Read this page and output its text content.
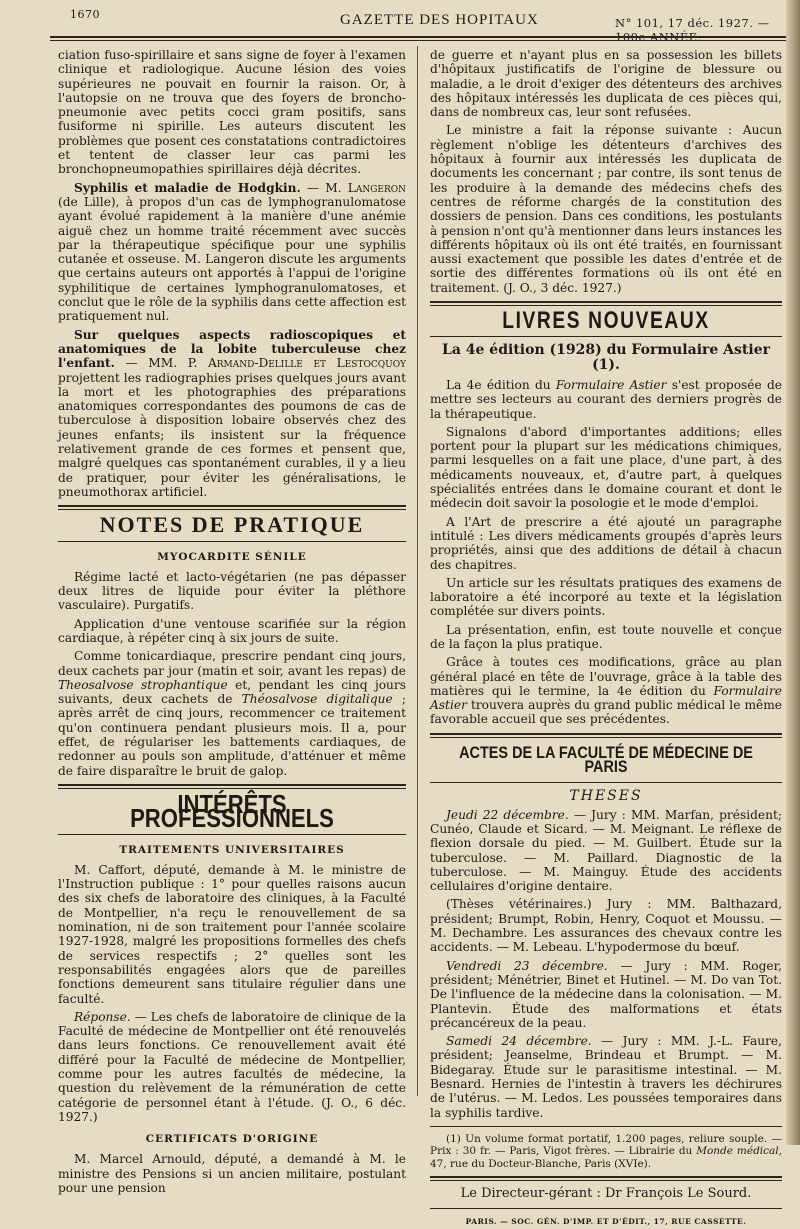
1670	GAZETTE DES HOPITAUX	N° 101, 17 déc. 1927. — 100e ANNÉE.

ciation fuso-spirillaire et sans signe de foyer à l'examen clinique et radiologique. Aucune lésion des voies supérieures ne pouvait en fournir la raison. Or, à l'autopsie on ne trouva que des foyers de broncho-pneumonie avec petits cocci gram positifs, sans fusiforme ni spirille. Les auteurs discutent les problèmes que posent ces constatations contradictoires et tentent de classer leur cas parmi les bronchopneumopathies spirillaires déjà décrites.

Syphilis et maladie de Hodgkin. — M. Langeron (de Lille), à propos d'un cas de lymphogranulomatose ayant évolué rapidement à la manière d'une anémie aiguë chez un homme traité récemment avec succès par la thérapeutique spécifique pour une syphilis cutanée et osseuse. M. Langeron discute les arguments que certains auteurs ont apportés à l'appui de l'origine syphilitique de certaines lymphogranulomatoses, et conclut que le rôle de la syphilis dans cette affection est pratiquement nul.

Sur quelques aspects radioscopiques et anatomiques de la lobite tuberculeuse chez l'enfant. — MM. P. Armand-Delille et Lestocquoy projettent les radiographies prises quelques jours avant la mort et les photographies des préparations anatomiques correspondantes des poumons de cas de tuberculose à disposition lobaire observés chez des jeunes enfants; ils insistent sur la fréquence relativement grande de ces formes et pensent que, malgré quelques cas spontanément curables, il y a lieu de pratiquer, pour éviter les généralisations, le pneumothorax artificiel.

NOTES DE PRATIQUE
MYOCARDITE SÉNILE

Régime lacté et lacto-végétarien (ne pas dépasser deux litres de liquide pour éviter la pléthore vasculaire). Purgatifs.

Application d'une ventouse scarifiée sur la région cardiaque, à répéter cinq à six jours de suite.

Comme tonicardiaque, prescrire pendant cinq jours, deux cachets par jour (matin et soir, avant les repas) de Theosalvose strophantique et, pendant les cinq jours suivants, deux cachets de Théosalvose digitalique ; après arrêt de cinq jours, recommencer ce traitement qu'on continuera pendant plusieurs mois. Il a, pour effet, de régulariser les battements cardiaques, de redonner au pouls son amplitude, d'atténuer et même de faire disparaître le bruit de galop.

INTÉRÊTS PROFESSIONNELS
TRAITEMENTS UNIVERSITAIRES

M. Caffort, député, demande à M. le ministre de l'Instruction publique : 1° pour quelles raisons aucun des six chefs de laboratoire des cliniques, à la Faculté de Montpellier, n'a reçu le renouvellement de sa nomination, ni de son traitement pour l'année scolaire 1927-1928, malgré les propositions formelles des chefs de services respectifs ; 2° quelles sont les responsabilités engagées alors que de pareilles fonctions demeurent sans titulaire régulier dans une faculté.

Réponse. — Les chefs de laboratoire de clinique de la Faculté de médecine de Montpellier ont été renouvelés dans leurs fonctions. Ce renouvellement avait été différé pour la Faculté de médecine de Montpellier, comme pour les autres facultés de médecine, la question du relèvement de la rémunération de cette catégorie de personnel étant à l'étude. (J. O., 6 déc. 1927.)

CERTIFICATS D'ORIGINE

M. Marcel Arnould, député, a demandé à M. le ministre des Pensions si un ancien militaire, postulant pour une pension

de guerre et n'ayant plus en sa possession les billets d'hôpitaux justificatifs de l'origine de blessure ou maladie, a le droit d'exiger des détenteurs des archives des hôpitaux intéressés les duplicata de ces pièces qui, dans de nombreux cas, leur sont refusées.

Le ministre a fait la réponse suivante : Aucun règlement n'oblige les détenteurs d'archives des hôpitaux à fournir aux intéressés les duplicata de documents les concernant ; par contre, ils sont tenus de les produire à la demande des médecins chefs des centres de réforme chargés de la constitution des dossiers de pension. Dans ces conditions, les postulants à pension n'ont qu'à mentionner dans leurs instances les différents hôpitaux où ils ont été traités, en fournissant aussi exactement que possible les dates d'entrée et de sortie des différentes formations où ils ont été en traitement. (J. O., 3 déc. 1927.)

LIVRES NOUVEAUX
La 4e édition (1928) du Formulaire Astier (1).

La 4e édition du Formulaire Astier s'est proposée de mettre ses lecteurs au courant des derniers progrès de la thérapeutique.

Signalons d'abord d'importantes additions; elles portent pour la plupart sur les médications chimiques, parmi lesquelles on a fait une place, d'une part, à des médicaments nouveaux, et, d'autre part, à quelques spécialités entrées dans le domaine courant et dont le médecin doit savoir la posologie et le mode d'emploi.

A l'Art de prescrire a été ajouté un paragraphe intitulé : Les divers médicaments groupés d'après leurs propriétés, ainsi que des additions de détail à chacun des chapitres.

Un article sur les résultats pratiques des examens de laboratoire a été incorporé au texte et la législation complétée sur divers points.

La présentation, enfin, est toute nouvelle et conçue de la façon la plus pratique.

Grâce à toutes ces modifications, grâce au plan général placé en tête de l'ouvrage, grâce à la table des matières qui le termine, la 4e édition du Formulaire Astier trouvera auprès du grand public médical le même favorable accueil que ses précédentes.

ACTES DE LA FACULTÉ DE MÉDECINE DE PARIS
THESES

Jeudi 22 décembre. — Jury : MM. Marfan, président; Cunéo, Claude et Sicard. — M. Meignant. Le réflexe de flexion dorsale du pied. — M. Guilbert. Étude sur la tuberculose. — M. Paillard. Diagnostic de la tuberculose. — M. Mainguy. Étude des accidents cellulaires d'origine dentaire.

(Thèses vétérinaires.) Jury : MM. Balthazard, président; Brumpt, Robin, Henry, Coquot et Moussu. — M. Dechambre. Les assurances des chevaux contre les accidents. — M. Lebeau. L'hypodermose du bœuf.

Vendredi 23 décembre. — Jury : MM. Roger, président; Ménétrier, Binet et Hutinel. — M. Do van Tot. De l'influence de la médecine dans la colonisation. — M. Plantevin. Étude des malformations et états précancéreux de la peau.

Samedi 24 décembre. — Jury : MM. J.-L. Faure, président; Jeanselme, Brindeau et Brumpt. — M. Bidegaray. Étude sur le parasitisme intestinal. — M. Besnard. Hernies de l'intestin à travers les déchirures de l'utérus. — M. Ledos. Les poussées temporaires dans la syphilis tardive.

(1) Un volume format portatif, 1.200 pages, reliure souple. — Prix : 30 fr. — Paris, Vigot frères. — Librairie du Monde médical, 47, rue du Docteur-Blanche, Paris (XVIe).

Le Directeur-gérant : Dr François Le Sourd.
PARIS. — SOC. GÉN. D'IMP. ET D'ÉDIT., 17, RUE CASSETTE.
